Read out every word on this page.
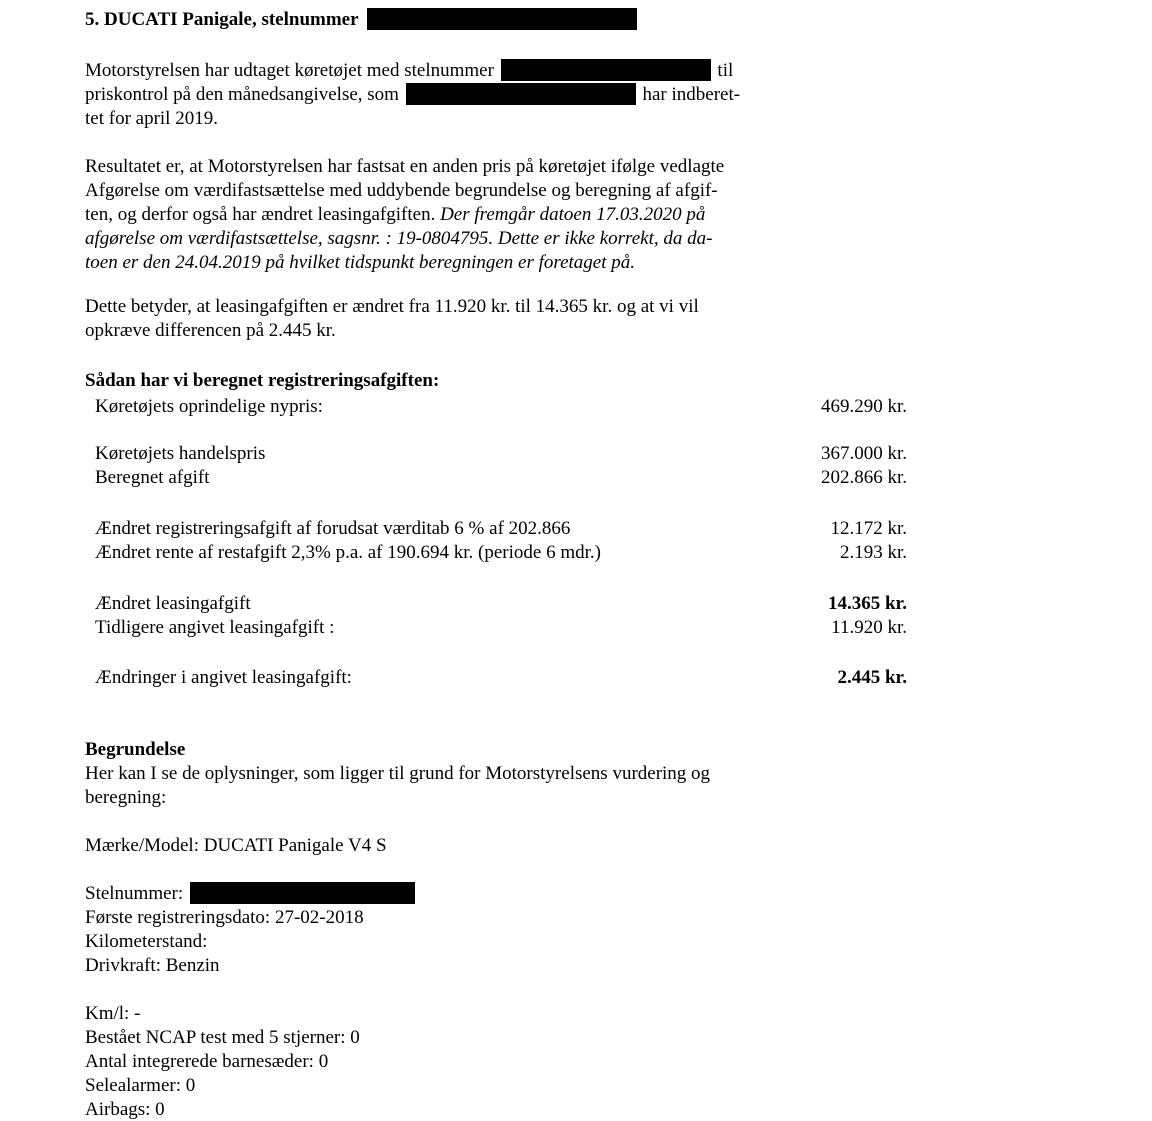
5. DUCATI Panigale, stelnummer
Motorstyrelsen har udtaget køretøjet med stelnummer	til
priskontrol på den månedsangivelse, som	har indberet-
tet for april 2019.
Resultatet er, at Motorstyrelsen har fastsat en anden pris på køretøjet ifølge vedlagte
Afgørelse om værdifastsættelse med uddybende begrundelse og beregning af afgif-
ten, og derfor også har ændret leasingafgiften. Der fremgår datoen 17.03.2020 på
afgørelse om værdifastsættelse, sagsnr. : 19-0804795. Dette er ikke korrekt, da da-
toen er den 24.04.2019 på hvilket tidspunkt beregningen er foretaget på.
Dette betyder, at leasingafgiften er ændret fra 11.920 kr. til 14.365 kr. og at vi vil
opkræve differencen på 2.445 kr.
Sådan har vi beregnet registreringsafgiften:
Køretøjets oprindelige nypris:	469.290 kr.
Køretøjets handelspris	367.000 kr.
Beregnet afgift	202.866 kr.
Ændret registreringsafgift af forudsat værditab 6 % af 202.866	12.172 kr.
Ændret rente af restafgift 2,3% p.a. af 190.694 kr. (periode 6 mdr.)	2.193 kr.
Ændret leasingafgift	14.365 kr.
Tidligere angivet leasingafgift :	11.920 kr.
Ændringer i angivet leasingafgift:	2.445 kr.
Begrundelse
Her kan I se de oplysninger, som ligger til grund for Motorstyrelsens vurdering og
beregning:
Mærke/Model: DUCATI Panigale V4 S
Stelnummer:
Første registreringsdato: 27-02-2018
Kilometerstand:
Drivkraft: Benzin
Km/l: -
Bestået NCAP test med 5 stjerner: 0
Antal integrerede barnesæder: 0
Selealarmer: 0
Airbags: 0
